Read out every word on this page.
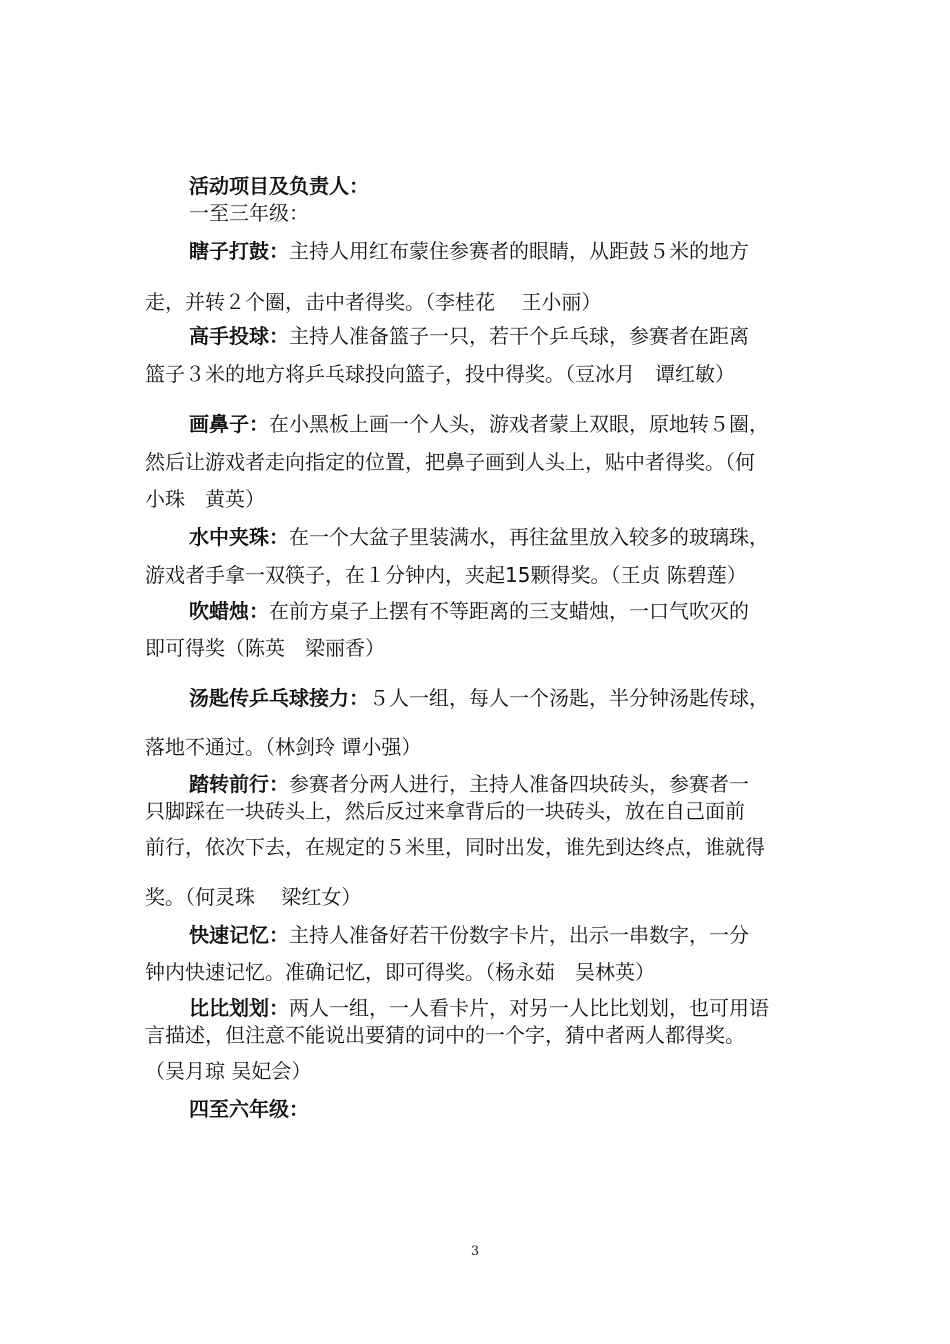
活动项目及负责人：
一至三年级：
瞎子打鼓：主持人用红布蒙住参赛者的眼睛，从距鼓５米的地方
走，并转２个圈，击中者得奖。（李桂花　 王小丽）
高手投球：主持人准备篮子一只，若干个乒乓球，参赛者在距离
篮子３米的地方将乒乓球投向篮子，投中得奖。（豆冰月　谭红敏）
画鼻子：在小黑板上画一个人头，游戏者蒙上双眼，原地转５圈，
然后让游戏者走向指定的位置，把鼻子画到人头上，贴中者得奖。（何
小珠　黄英）
水中夹珠：在一个大盆子里装满水，再往盆里放入较多的玻璃珠，
游戏者手拿一双筷子，在１分钟内，夹起15颗得奖。（王贞 陈碧莲）
吹蜡烛：在前方桌子上摆有不等距离的三支蜡烛，一口气吹灭的
即可得奖（陈英　梁丽香）
汤匙传乒乓球接力：５人一组，每人一个汤匙，半分钟汤匙传球，
落地不通过。（林剑玲 谭小强）
踏转前行：参赛者分两人进行，主持人准备四块砖头，参赛者一
只脚踩在一块砖头上，然后反过来拿背后的一块砖头，放在自己面前
前行，依次下去，在规定的５米里，同时出发，谁先到达终点，谁就得
奖。（何灵珠　 梁红女）
快速记忆：主持人准备好若干份数字卡片，出示一串数字，一分
钟内快速记忆。准确记忆，即可得奖。（杨永茹　吴林英）
比比划划：两人一组，一人看卡片，对另一人比比划划，也可用语
言描述，但注意不能说出要猜的词中的一个字，猜中者两人都得奖。
（吴月琼 吴妃会）
四至六年级：
3
